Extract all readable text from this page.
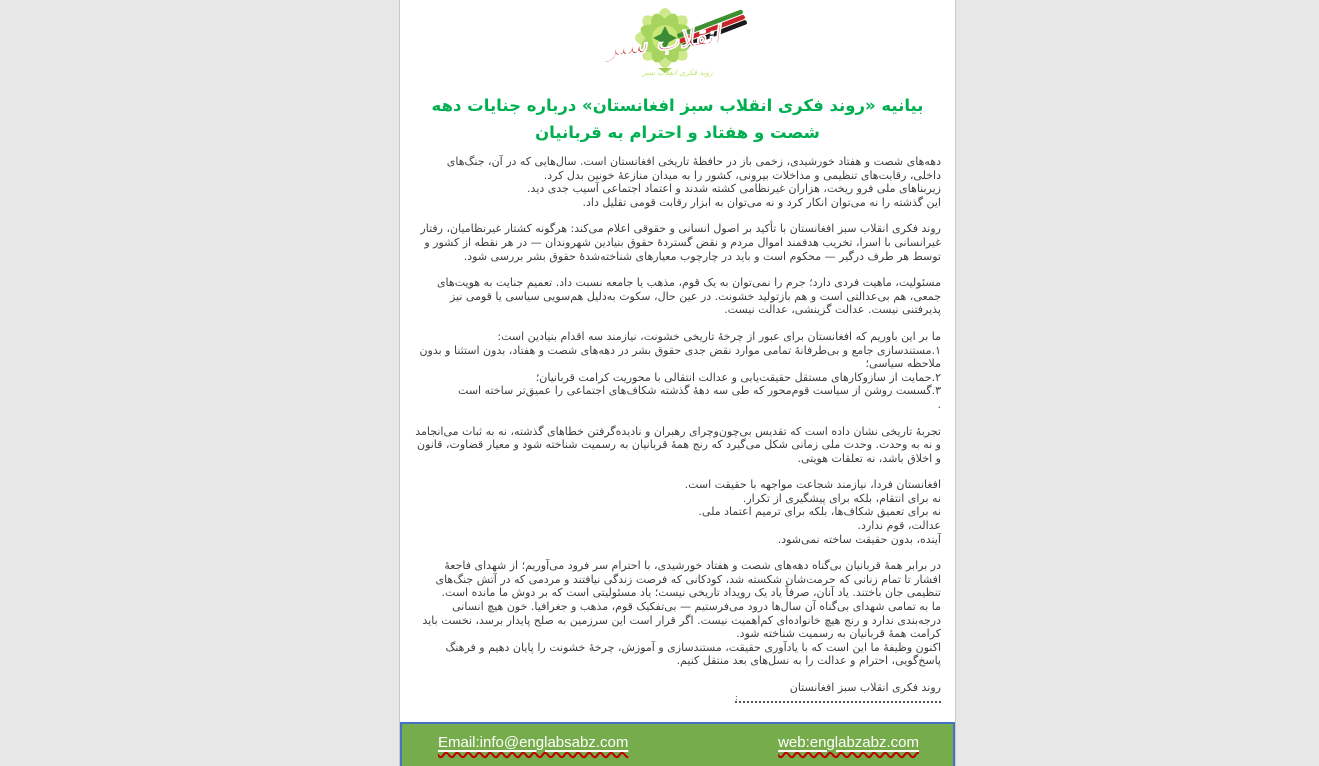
انقلاب سبز
روند فکری انقلاب سبز
بیانیه «روند فکری انقلاب سبز افغانستان» درباره جنایات دهه
شصت و هفتاد و احترام به قربانیان
دهه‌های شصت و هفتاد خورشیدی، زخمی باز در حافظهٔ تاریخی افغانستان است. سال‌هایی که در آن، جنگ‌های داخلی، رقابت‌های تنظیمی و مداخلات بیرونی، کشور را به میدان منازعهٔ خونین بدل کرد.
زیربناهای ملی فرو ریخت، هزاران غیرنظامی کشته شدند و اعتماد اجتماعی آسیب جدی دید.
این گذشته را نه می‌توان انکار کرد و نه می‌توان به ابزار رقابت قومی تقلیل داد.
روند فکری انقلاب سبز افغانستان با تأکید بر اصول انسانی و حقوقی اعلام می‌کند: هرگونه کشتار غیرنظامیان، رفتار غیرانسانی با اسرا، تخریب هدفمند اموال مردم و نقض گستردهٔ حقوق بنیادین شهروندان — در هر نقطه از کشور و توسط هر طرف درگیر — محکوم است و باید در چارچوب معیارهای شناخته‌شدهٔ حقوق بشر بررسی شود.
مسئولیت، ماهیت فردی دارد؛ جرم را نمی‌توان به یک قوم، مذهب یا جامعه نسبت داد. تعمیم جنایت به هویت‌های جمعی، هم بی‌عدالتی است و هم بازتولید خشونت. در عین حال، سکوت به‌دلیل هم‌سویی سیاسی یا قومی نیز پذیرفتنی نیست. عدالت گزینشی، عدالت نیست.
ما بر این باوریم که افغانستان برای عبور از چرخهٔ تاریخی خشونت، نیازمند سه اقدام بنیادین است:
۱.مستندسازی جامع و بی‌طرفانهٔ تمامی موارد نقض جدی حقوق بشر در دهه‌های شصت و هفتاد، بدون استثنا و بدون ملاحظه سیاسی؛
۲.حمایت از سازوکارهای مستقل حقیقت‌یابی و عدالت انتقالی با محوریت کرامت قربانیان؛
۳.گسست روشن از سیاست قوم‌محور که طی سه دههٔ گذشته شکاف‌های اجتماعی را عمیق‌تر ساخته است
.
تجربهٔ تاریخی نشان داده است که تقدیس بی‌چون‌وچرای رهبران و نادیده‌گرفتن خطاهای گذشته، نه به ثبات می‌انجامد و نه به وحدت. وحدت ملی زمانی شکل می‌گیرد که رنج همهٔ قربانیان به رسمیت شناخته شود و معیار قضاوت، قانون و اخلاق باشد، نه تعلقات هویتی.
افغانستان فردا، نیازمند شجاعت مواجهه با حقیقت است.
نه برای انتقام، بلکه برای پیشگیری از تکرار.
نه برای تعمیق شکاف‌ها، بلکه برای ترمیم اعتماد ملی.
عدالت، قوم ندارد.
آینده، بدون حقیقت ساخته نمی‌شود.
در برابر همهٔ قربانیان بی‌گناه دهه‌های شصت و هفتاد خورشیدی، با احترام سر فرود می‌آوریم؛ از شهدای فاجعهٔ افشار تا تمام زنانی که حرمت‌شان شکسته شد، کودکانی که فرصت زندگی نیافتند و مردمی که در آتش جنگ‌های تنظیمی جان باختند. یاد آنان، صرفاً یاد یک رویداد تاریخی نیست؛ یاد مسئولیتی است که بر دوش ما مانده است.
ما به تمامی شهدای بی‌گناه آن سال‌ها درود می‌فرستیم — بی‌تفکیک قوم، مذهب و جغرافیا. خون هیچ انسانی درجه‌بندی ندارد و رنج هیچ خانواده‌ای کم‌اهمیت نیست. اگر قرار است این سرزمین به صلح پایدار برسد، نخست باید کرامت همهٔ قربانیان به رسمیت شناخته شود.
اکنون وظیفهٔ ما این است که با یادآوری حقیقت، مستندسازی و آموزش، چرخهٔ خشونت را پایان دهیم و فرهنگ پاسخ‌گویی، احترام و عدالت را به نسل‌های بعد منتقل کنیم.
روند فکری انقلاب سبز افغانستان
:
Email:info@englabsabz.com	web:englabzabz.com
